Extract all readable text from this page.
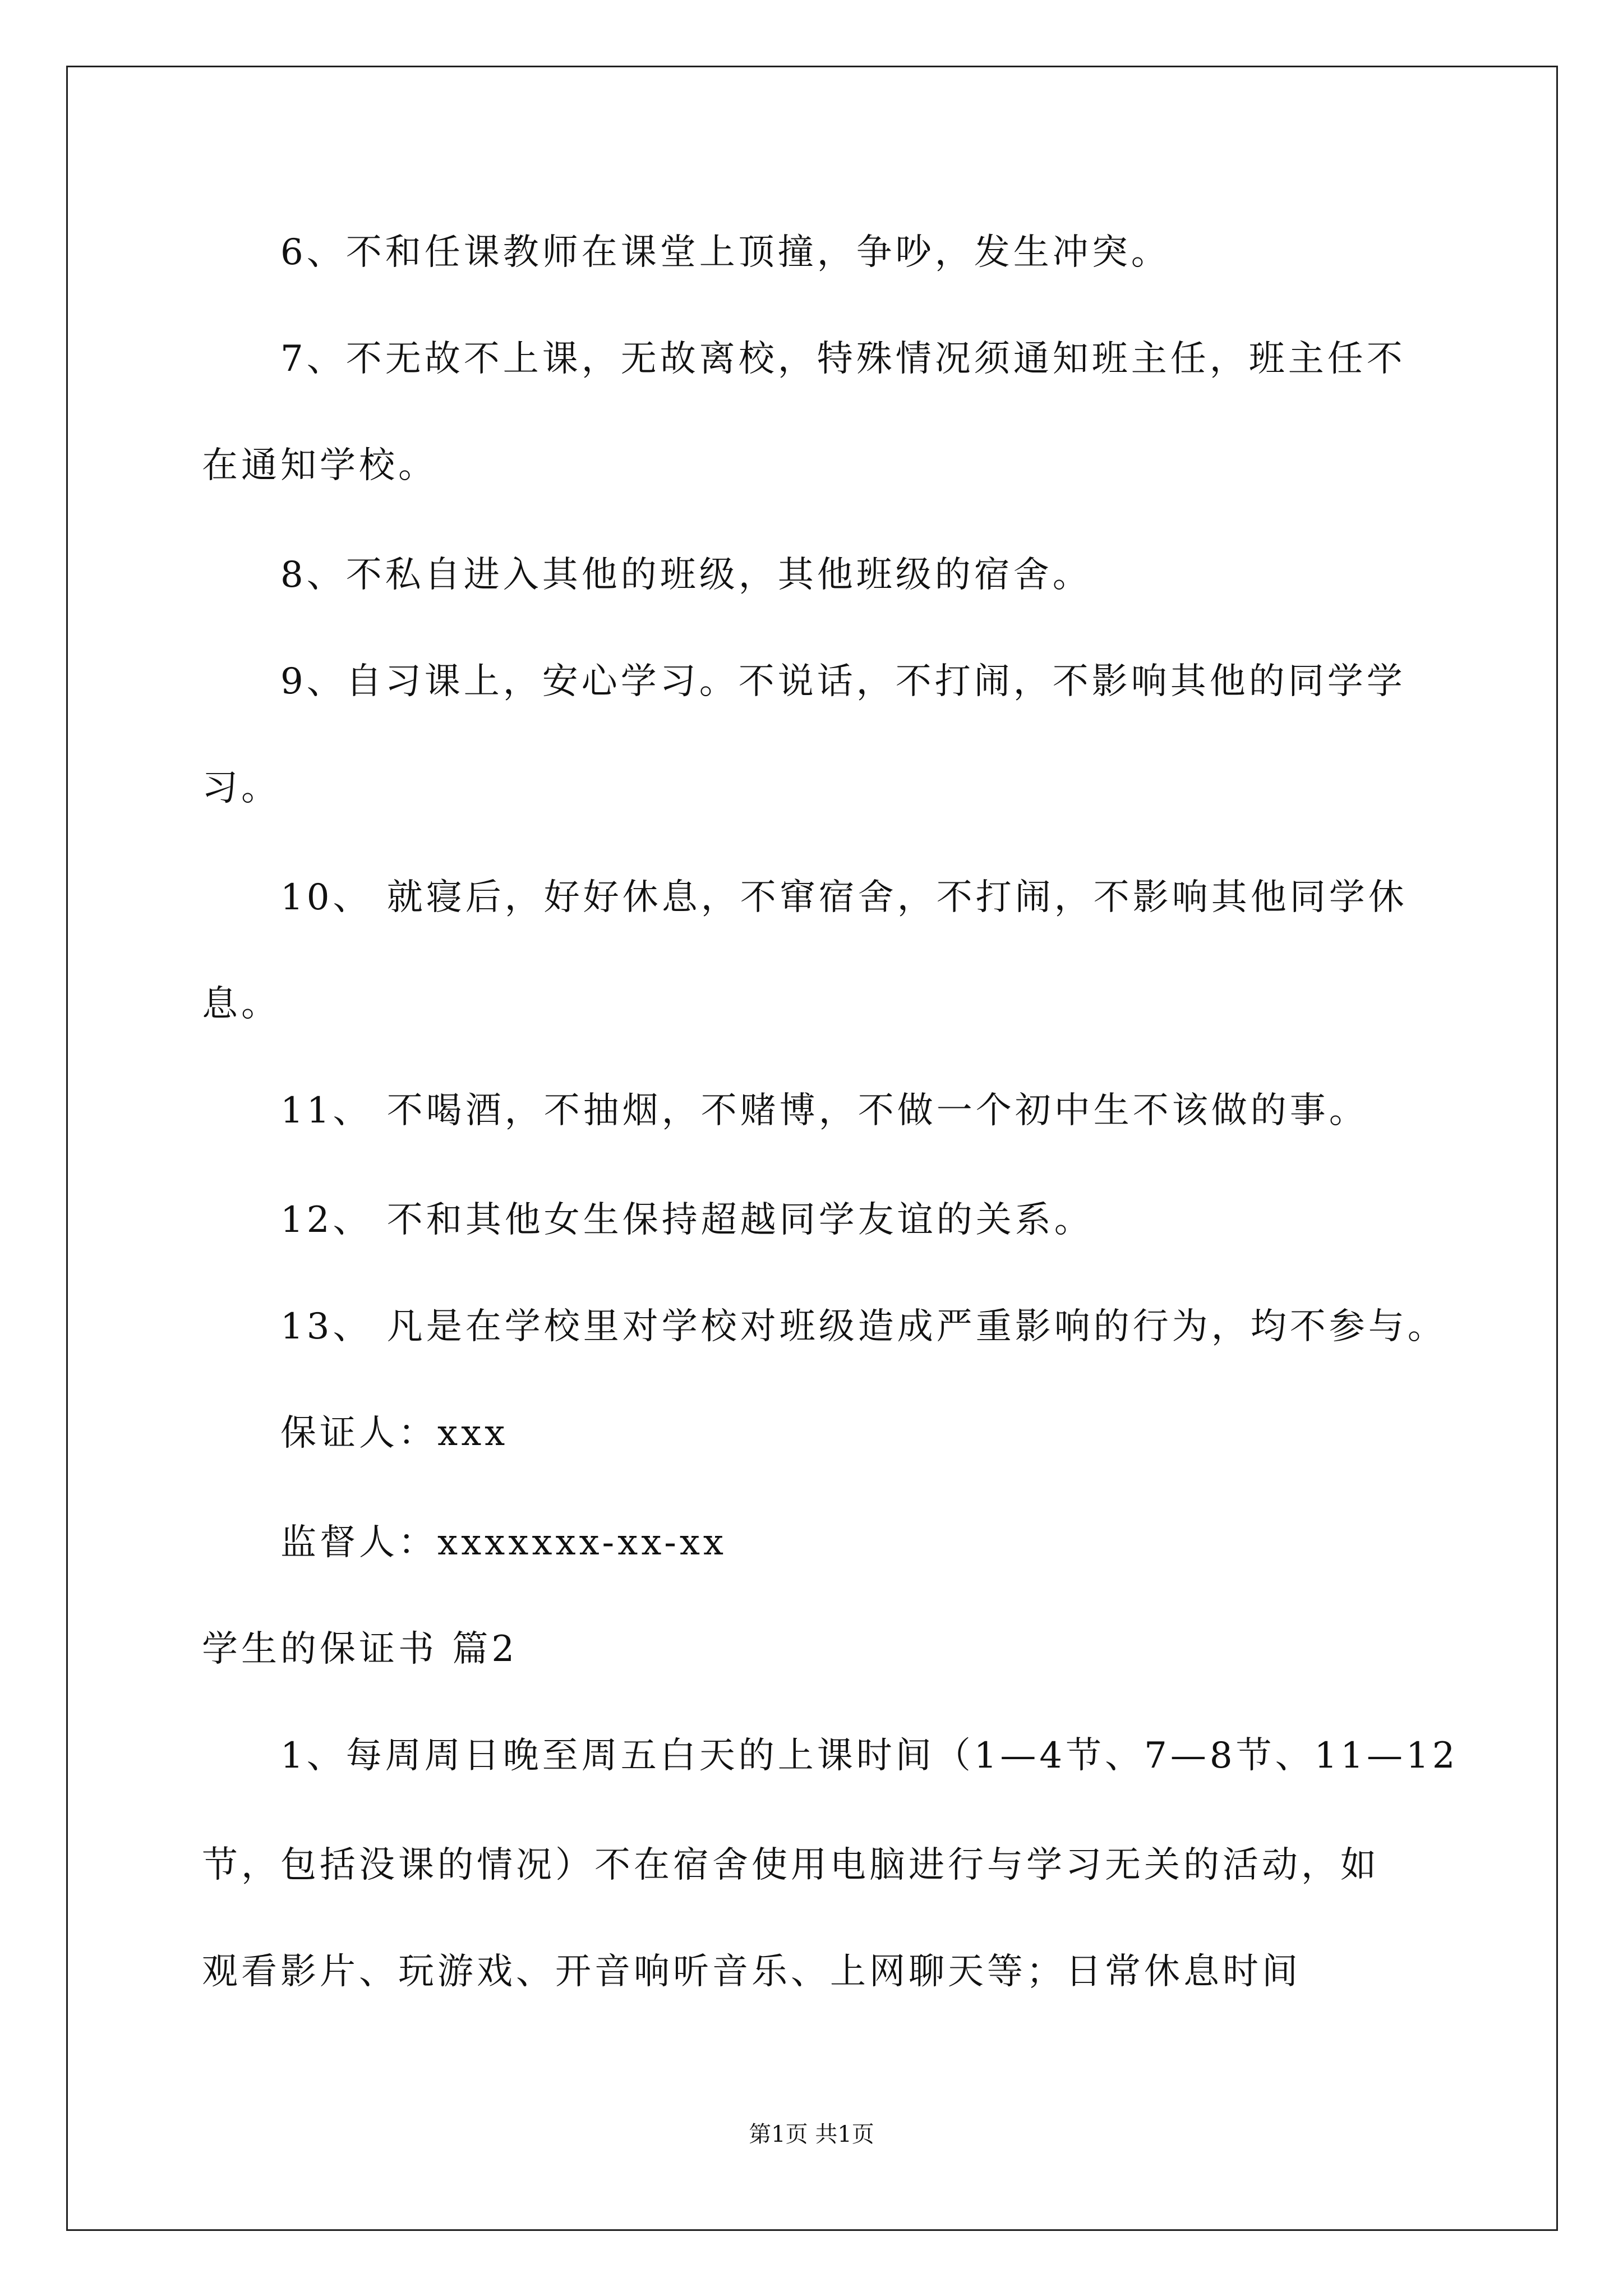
6、不和任课教师在课堂上顶撞，争吵，发生冲突。
7、不无故不上课，无故离校，特殊情况须通知班主任，班主任不
在通知学校。
8、不私自进入其他的班级，其他班级的宿舍。
9、自习课上，安心学习。不说话，不打闹，不影响其他的同学学
习。
10、 就寝后，好好休息，不窜宿舍，不打闹，不影响其他同学休
息。
11、 不喝酒，不抽烟，不赌博，不做一个初中生不该做的事。
12、 不和其他女生保持超越同学友谊的关系。
13、 凡是在学校里对学校对班级造成严重影响的行为，均不参与。
保证人：xxx
监督人：xxxxxxx-xx-xx
学生的保证书 篇2
1、每周周日晚至周五白天的上课时间（1—4节、7—8节、11—12
节，包括没课的情况）不在宿舍使用电脑进行与学习无关的活动，如
观看影片、玩游戏、开音响听音乐、上网聊天等；日常休息时间
第1页 共1页
